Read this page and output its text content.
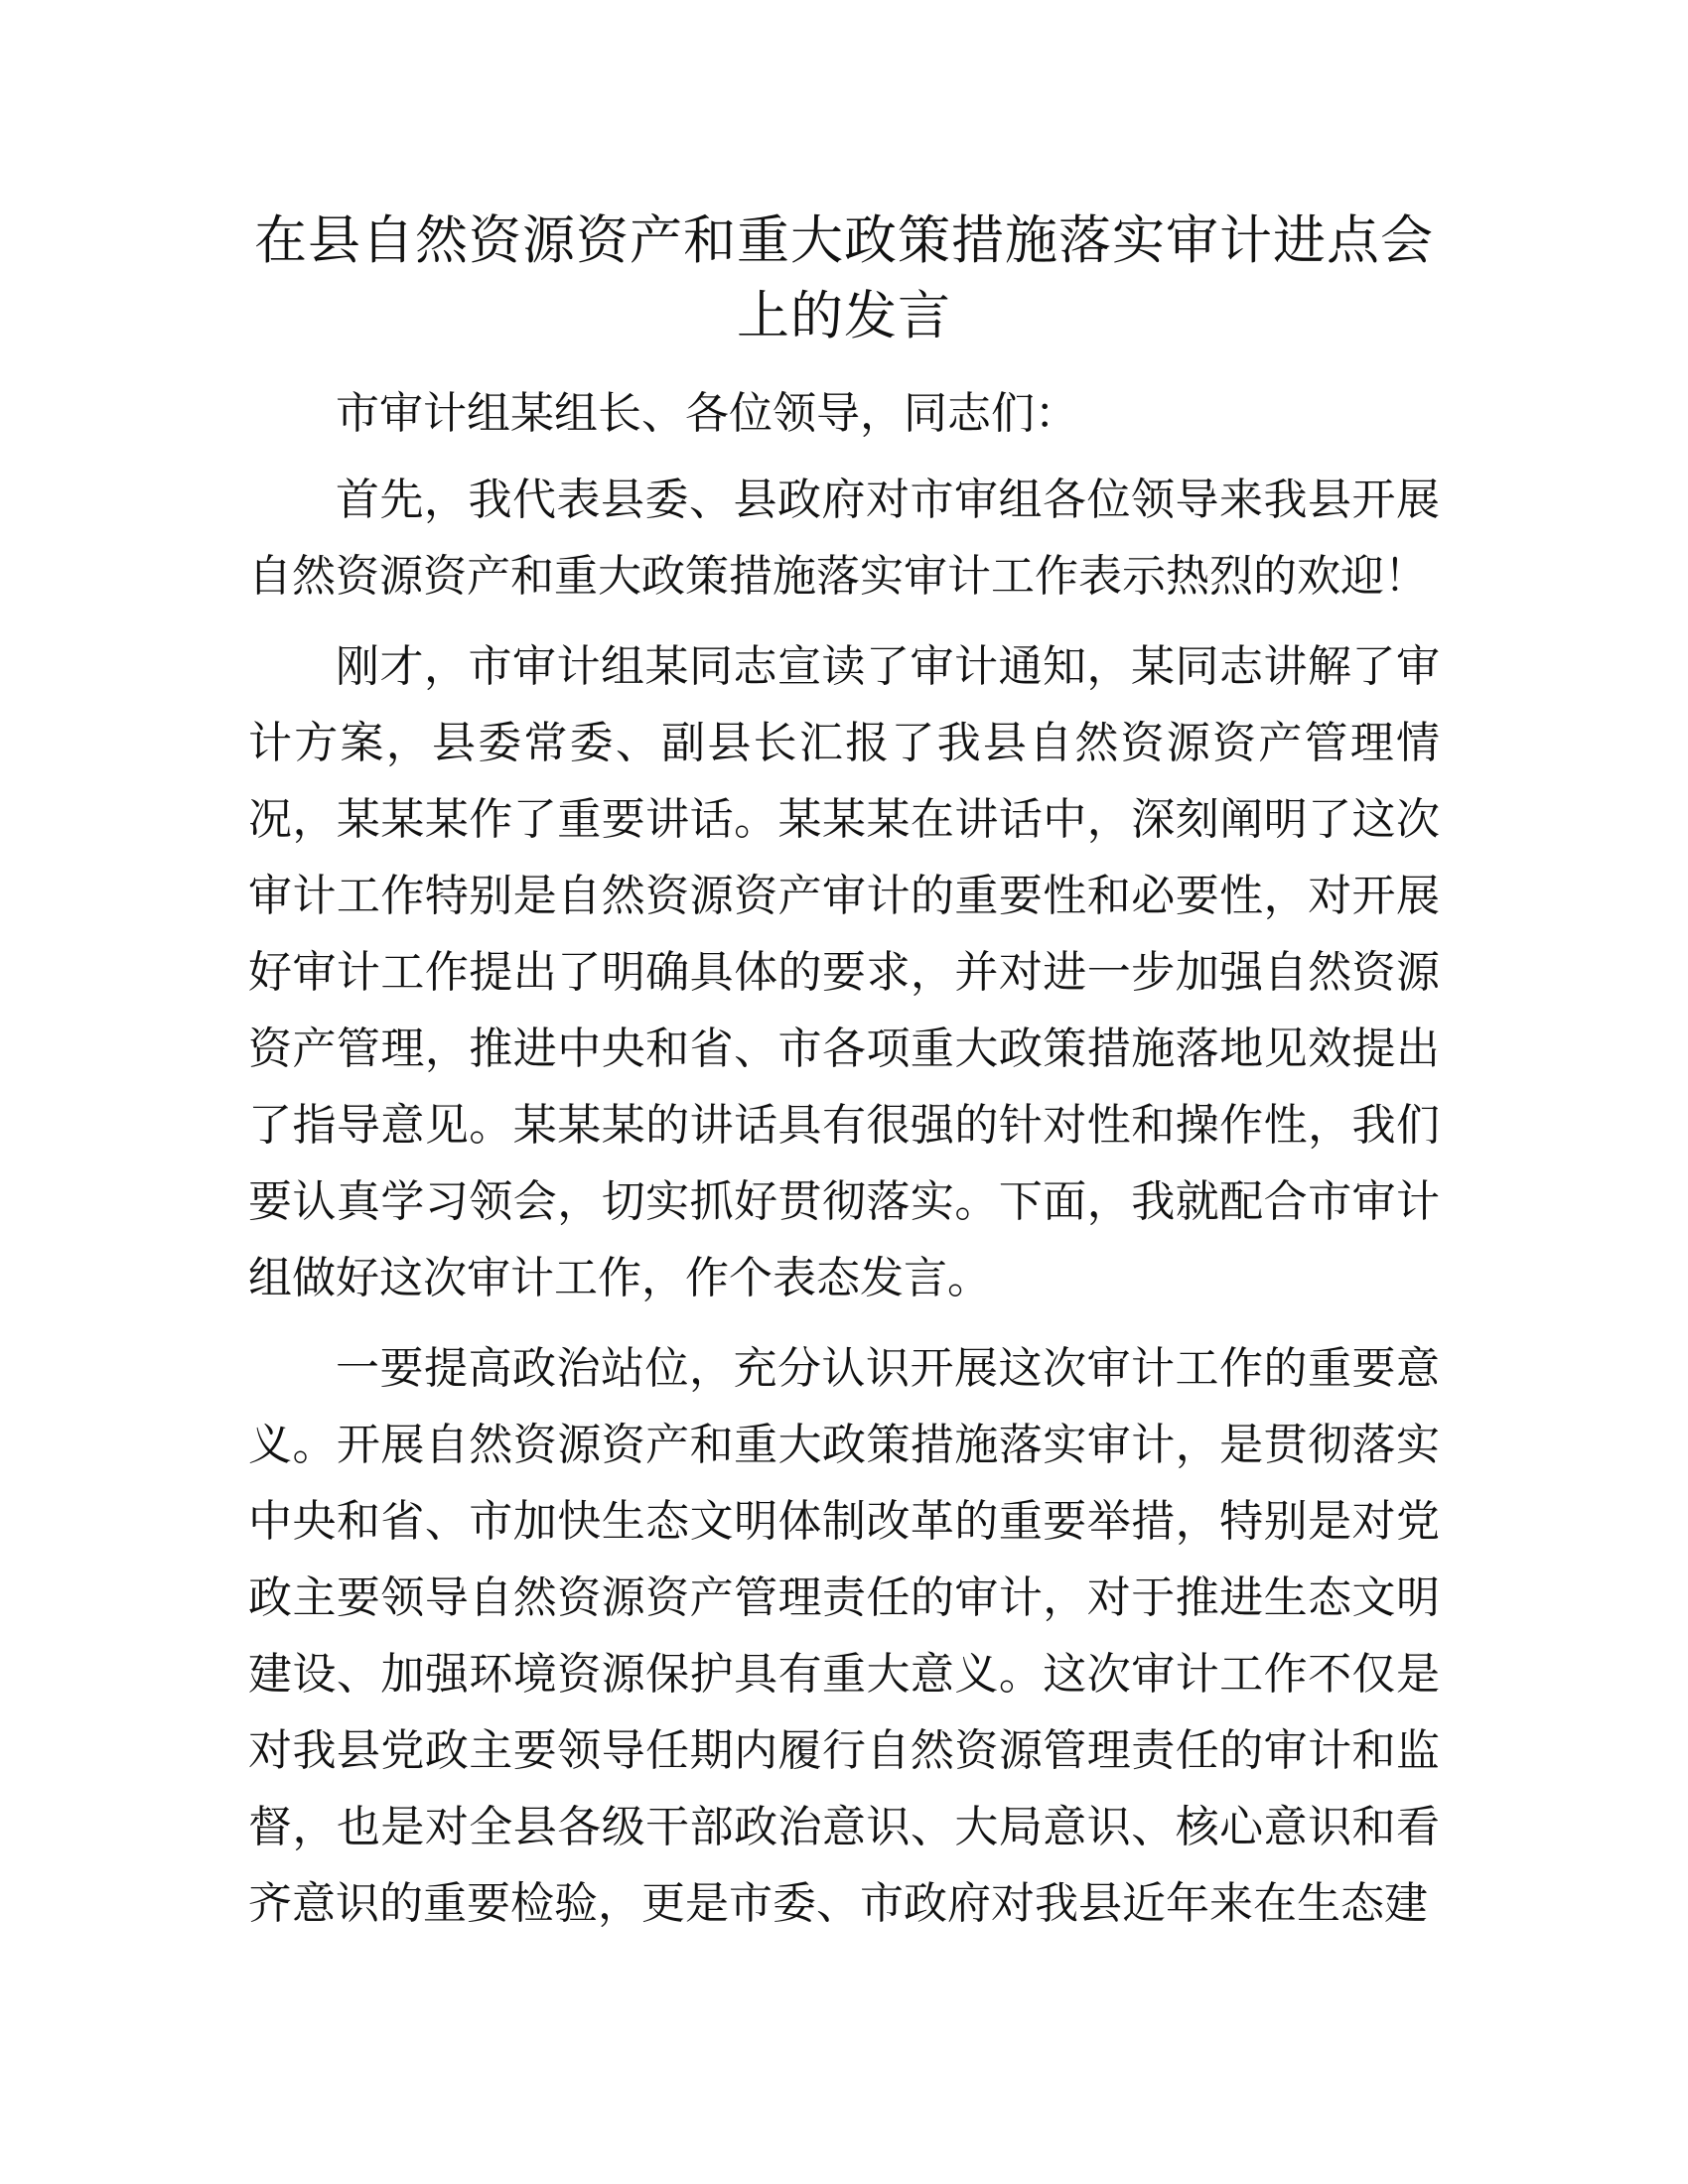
在县自然资源资产和重大政策措施落实审计进点会上的发言

市审计组某组长、各位领导，同志们：

首先，我代表县委、县政府对市审组各位领导来我县开展自然资源资产和重大政策措施落实审计工作表示热烈的欢迎！

刚才，市审计组某同志宣读了审计通知，某同志讲解了审计方案，县委常委、副县长汇报了我县自然资源资产管理情况，某某某作了重要讲话。某某某在讲话中，深刻阐明了这次审计工作特别是自然资源资产审计的重要性和必要性，对开展好审计工作提出了明确具体的要求，并对进一步加强自然资源资产管理，推进中央和省、市各项重大政策措施落地见效提出了指导意见。某某某的讲话具有很强的针对性和操作性，我们要认真学习领会，切实抓好贯彻落实。下面，我就配合市审计组做好这次审计工作，作个表态发言。

一要提高政治站位，充分认识开展这次审计工作的重要意义。开展自然资源资产和重大政策措施落实审计，是贯彻落实中央和省、市加快生态文明体制改革的重要举措，特别是对党政主要领导自然资源资产管理责任的审计，对于推进生态文明建设、加强环境资源保护具有重大意义。这次审计工作不仅是对我县党政主要领导任期内履行自然资源管理责任的审计和监督，也是对全县各级干部政治意识、大局意识、核心意识和看齐意识的重要检验，更是市委、市政府对我县近年来在生态建
